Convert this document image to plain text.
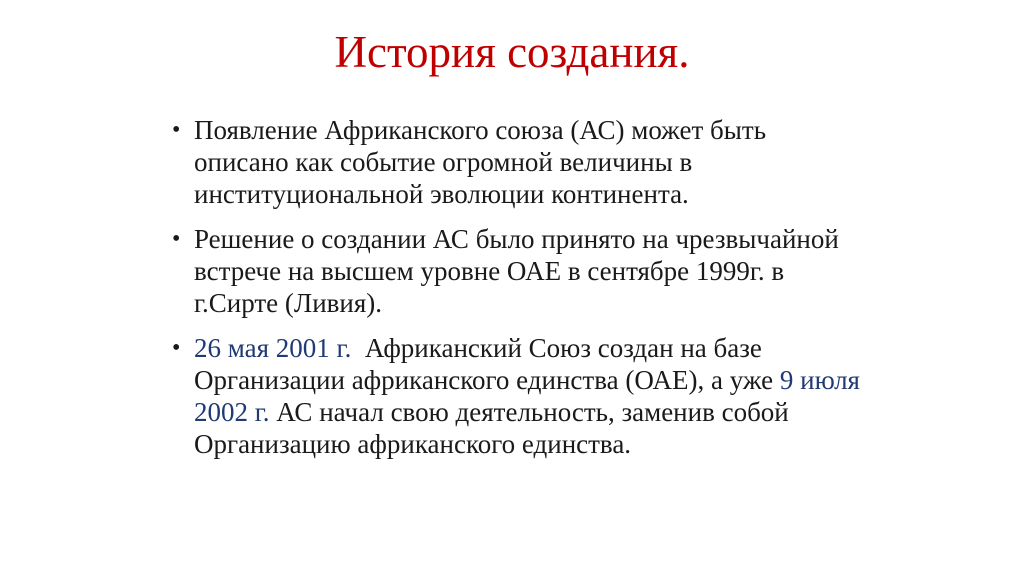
История создания.
• Появление Африканского союза (АС) может быть описано как событие огромной величины в институциональной эволюции континента.
• Решение о создании АС было принято на чрезвычайной встрече на высшем уровне ОАЕ в сентябре 1999г. в г.Сирте (Ливия).
• 26 мая 2001 г.  Африканский Союз создан на базе Организации африканского единства (ОАЕ), а уже 9 июля 2002 г. АС начал свою деятельность, заменив собой Организацию африканского единства.
